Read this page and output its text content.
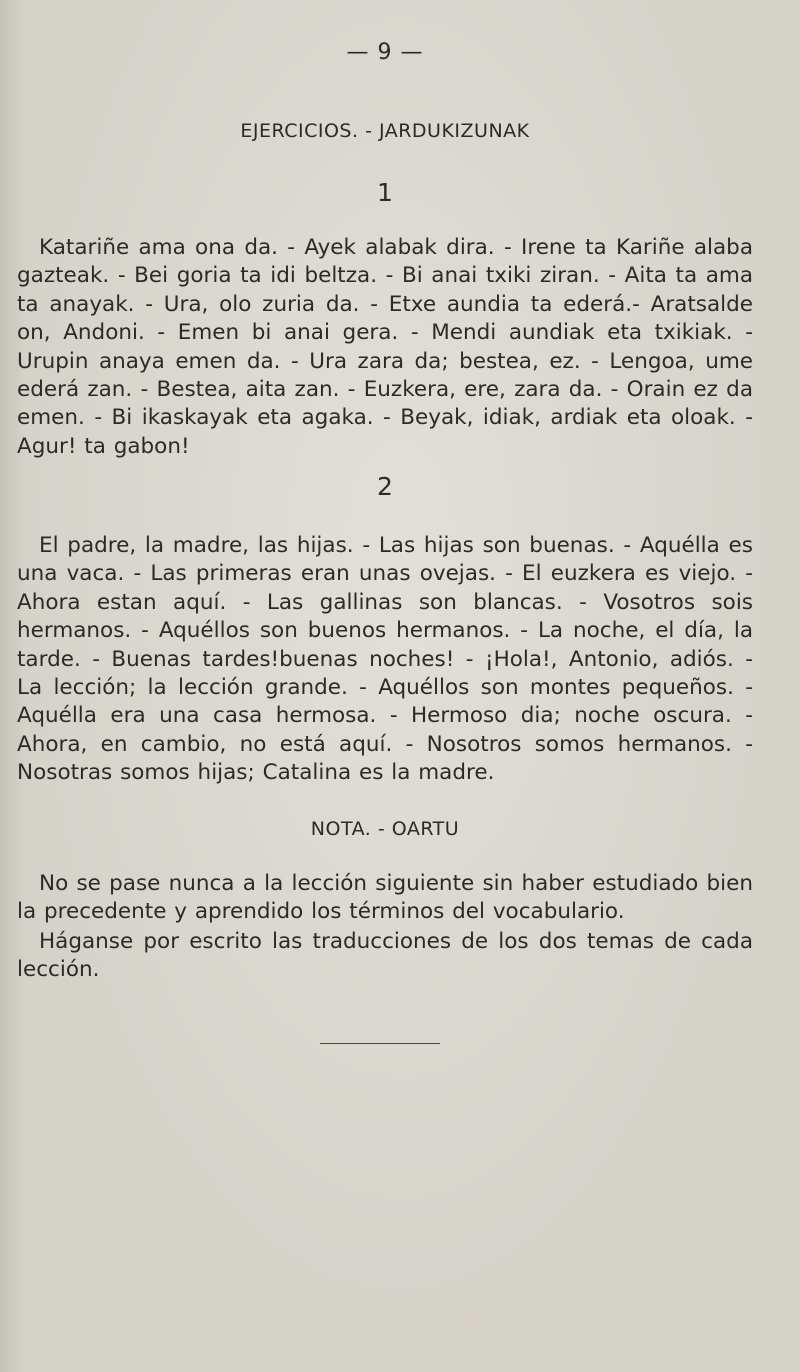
— 9 —
EJERCICIOS. - JARDUKIZUNAK
1

Katariñe ama ona da. - Ayek alabak dira. - Irene ta Kariñe alaba gazteak. - Bei goria ta idi beltza. - Bi anai txiki ziran. - Aita ta ama ta anayak. - Ura, olo zuria da. - Etxe aundia ta ederá.- Aratsalde on, Andoni. - Emen bi anai gera. - Mendi aundiak eta txikiak. - Urupin anaya emen da. - Ura zara da; bestea, ez. - Lengoa, ume ederá zan. - Bestea, aita zan. - Euzkera, ere, zara da. - Orain ez da emen. - Bi ikaskayak eta agaka. - Beyak, idiak, ardiak eta oloak. - Agur! ta gabon!

2

El padre, la madre, las hijas. - Las hijas son buenas. - Aquélla es una vaca. - Las primeras eran unas ovejas. - El euzkera es viejo. - Ahora estan aquí. - Las gallinas son blancas. - Vosotros sois hermanos. - Aquéllos son buenos hermanos. - La noche, el día, la tarde. - Buenas tardes!buenas noches! - ¡Hola!, Antonio, adiós. - La lección; la lección grande. - Aquéllos son montes pequeños. - Aquélla era una casa hermosa. - Hermoso dia; noche oscura. - Ahora, en cambio, no está aquí. - Nosotros somos hermanos. - Nosotras somos hijas; Catalina es la madre.

NOTA. - OARTU

No se pase nunca a la lección siguiente sin haber estudiado bien la precedente y aprendido los términos del vocabulario.

Háganse por escrito las traducciones de los dos temas de cada lección.
